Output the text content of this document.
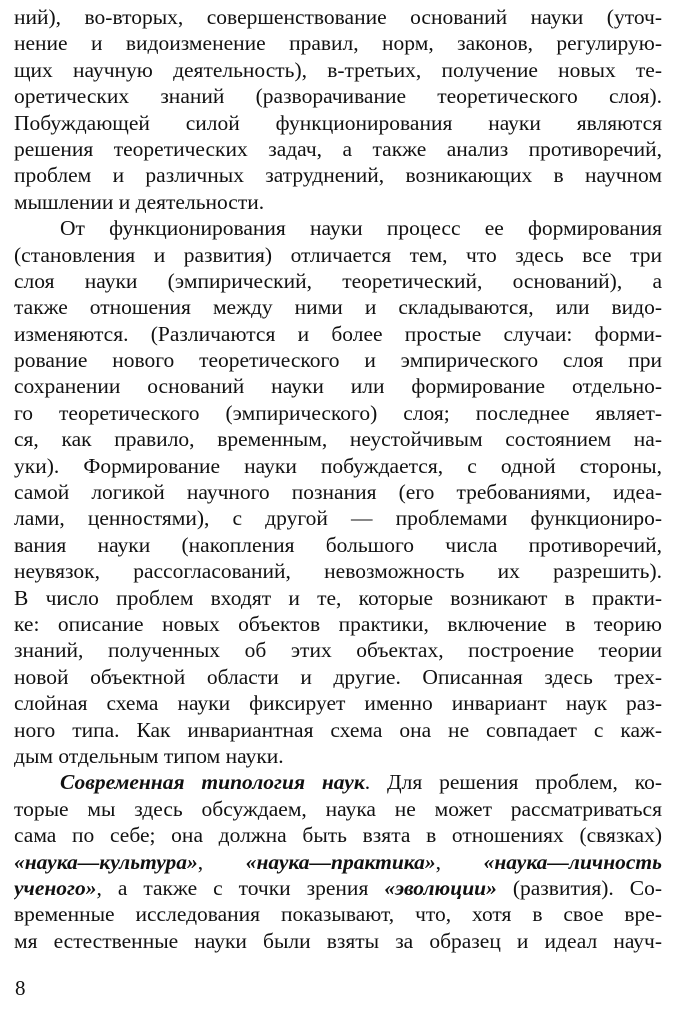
ний), во-вторых, совершенствование оснований науки (уточ-
нение и видоизменение правил, норм, законов, регулирую-
щих научную деятельность), в-третьих, получение новых те-
оретических знаний (разворачивание теоретического слоя).
Побуждающей силой функционирования науки являются
решения теоретических задач, а также анализ противоречий,
проблем и различных затруднений, возникающих в научном
мышлении и деятельности.
От функционирования науки процесс ее формирования
(становления и развития) отличается тем, что здесь все три
слоя науки (эмпирический, теоретический, оснований), а
также отношения между ними и складываются, или видо-
изменяются. (Различаются и более простые случаи: форми-
рование нового теоретического и эмпирического слоя при
сохранении оснований науки или формирование отдельно-
го теоретического (эмпирического) слоя; последнее являет-
ся, как правило, временным, неустойчивым состоянием на-
уки). Формирование науки побуждается, с одной стороны,
самой логикой научного познания (его требованиями, идеа-
лами, ценностями), с другой — проблемами функциониро-
вания науки (накопления большого числа противоречий,
неувязок, рассогласований, невозможность их разрешить).
В число проблем входят и те, которые возникают в практи-
ке: описание новых объектов практики, включение в теорию
знаний, полученных об этих объектах, построение теории
новой объектной области и другие. Описанная здесь трех-
слойная схема науки фиксирует именно инвариант наук раз-
ного типа. Как инвариантная схема она не совпадает с каж-
дым отдельным типом науки.
Современная типология наук. Для решения проблем, ко-
торые мы здесь обсуждаем, наука не может рассматриваться
сама по себе; она должна быть взята в отношениях (связках)
«наука—культура», «наука—практика», «наука—личность
ученого», а также с точки зрения «эволюции» (развития). Со-
временные исследования показывают, что, хотя в свое вре-
мя естественные науки были взяты за образец и идеал науч-
8
